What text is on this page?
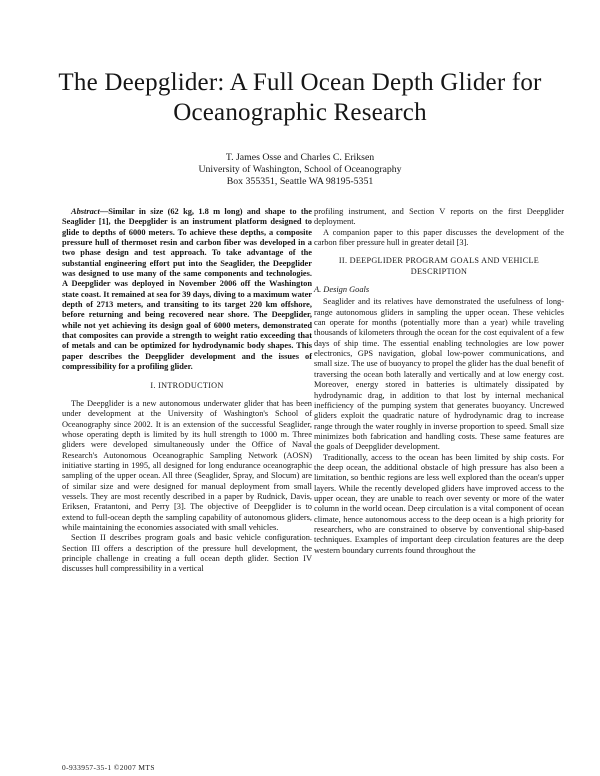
The Deepglider: A Full Ocean Depth Glider for Oceanographic Research
T. James Osse and Charles C. Eriksen
University of Washington, School of Oceanography
Box 355351, Seattle WA 98195-5351

Abstract—Similar in size (62 kg, 1.8 m long) and shape to the Seaglider [1], the Deepglider is an instrument platform designed to glide to depths of 6000 meters. To achieve these depths, a composite pressure hull of thermoset resin and carbon fiber was developed in a two phase design and test approach. To take advantage of the substantial engineering effort put into the Seaglider, the Deepglider was designed to use many of the same components and technologies. A Deepglider was deployed in November 2006 off the Washington state coast. It remained at sea for 39 days, diving to a maximum water depth of 2713 meters, and transiting to its target 220 km offshore, before returning and being recovered near shore. The Deepglider, while not yet achieving its design goal of 6000 meters, demonstrated that composites can provide a strength to weight ratio exceeding that of metals and can be optimized for hydrodynamic body shapes. This paper describes the Deepglider development and the issues of compressibility for a profiling glider.

I. INTRODUCTION

The Deepglider is a new autonomous underwater glider that has been under development at the University of Washington's School of Oceanography since 2002. It is an extension of the successful Seaglider, whose operating depth is limited by its hull strength to 1000 m. Three gliders were developed simultaneously under the Office of Naval Research's Autonomous Oceanographic Sampling Network (AOSN) initiative starting in 1995, all designed for long endurance oceanographic sampling of the upper ocean. All three (Seaglider, Spray, and Slocum) are of similar size and were designed for manual deployment from small vessels. They are most recently described in a paper by Rudnick, Davis, Eriksen, Fratantoni, and Perry [3]. The objective of Deepglider is to extend to full-ocean depth the sampling capability of autonomous gliders, while maintaining the economies associated with small vehicles.

Section II describes program goals and basic vehicle configuration. Section III offers a description of the pressure hull development, the principle challenge in creating a full ocean depth glider. Section IV discusses hull compressibility in a vertical

profiling instrument, and Section V reports on the first Deepglider deployment.

A companion paper to this paper discusses the development of the carbon fiber pressure hull in greater detail [3].

II. DEEPGLIDER PROGRAM GOALS AND VEHICLE DESCRIPTION
A. Design Goals

Seaglider and its relatives have demonstrated the usefulness of long-range autonomous gliders in sampling the upper ocean. These vehicles can operate for months (potentially more than a year) while traveling thousands of kilometers through the ocean for the cost equivalent of a few days of ship time. The essential enabling technologies are low power electronics, GPS navigation, global low-power communications, and small size. The use of buoyancy to propel the glider has the dual benefit of traversing the ocean both laterally and vertically and at low energy cost. Moreover, energy stored in batteries is ultimately dissipated by hydrodynamic drag, in addition to that lost by internal mechanical inefficiency of the pumping system that generates buoyancy. Uncrewed gliders exploit the quadratic nature of hydrodynamic drag to increase range through the water roughly in inverse proportion to speed. Small size minimizes both fabrication and handling costs. These same features are the goals of Deepglider development.

Traditionally, access to the ocean has been limited by ship costs. For the deep ocean, the additional obstacle of high pressure has also been a limitation, so benthic regions are less well explored than the ocean's upper layers. While the recently developed gliders have improved access to the upper ocean, they are unable to reach over seventy or more of the water column in the world ocean. Deep circulation is a vital component of ocean climate, hence autonomous access to the deep ocean is a high priority for researchers, who are constrained to observe by conventional ship-based techniques. Examples of important deep circulation features are the deep western boundary currents found throughout the

0-933957-35-1 ©2007 MTS
